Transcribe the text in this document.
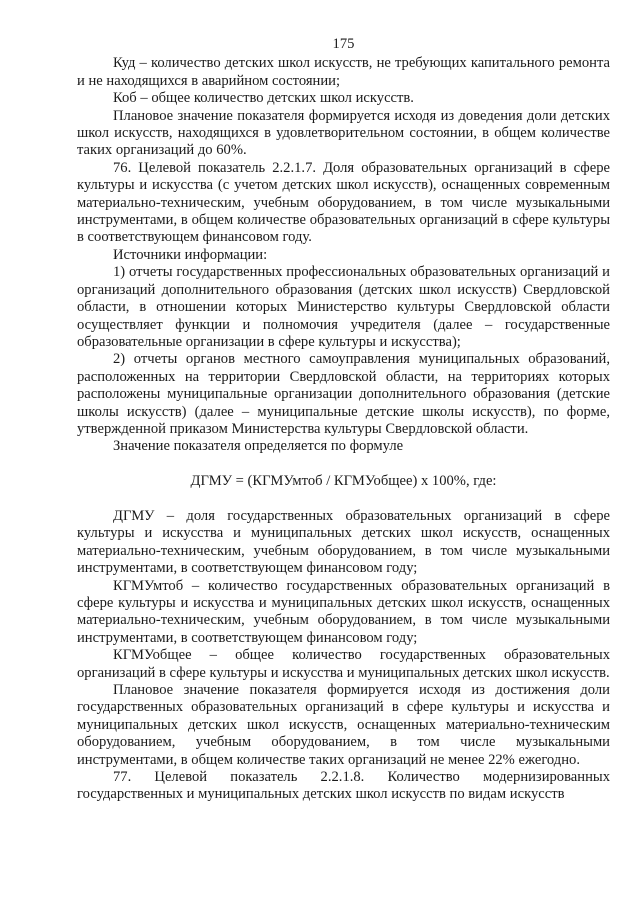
175

Куд – количество детских школ искусств, не требующих капитального ремонта и не находящихся в аварийном состоянии;

Коб – общее количество детских школ искусств.

Плановое значение показателя формируется исходя из доведения доли детских школ искусств, находящихся в удовлетворительном состоянии, в общем количестве таких организаций до 60%.

76. Целевой показатель 2.2.1.7. Доля образовательных организаций в сфере культуры и искусства (с учетом детских школ искусств), оснащенных современным материально-техническим, учебным оборудованием, в том числе музыкальными инструментами, в общем количестве образовательных организаций в сфере культуры в соответствующем финансовом году.

Источники информации:

1) отчеты государственных профессиональных образовательных организаций и организаций дополнительного образования (детских школ искусств) Свердловской области, в отношении которых Министерство культуры Свердловской области осуществляет функции и полномочия учредителя (далее – государственные образовательные организации в сфере культуры и искусства);

2) отчеты органов местного самоуправления муниципальных образований, расположенных на территории Свердловской области, на территориях которых расположены муниципальные организации дополнительного образования (детские школы искусств) (далее – муниципальные детские школы искусств), по форме, утвержденной приказом Министерства культуры Свердловской области.

Значение показателя определяется по формуле

ДГМУ = (КГМУмтоб / КГМУобщее) х 100%, где:

ДГМУ – доля государственных образовательных организаций в сфере культуры и искусства и муниципальных детских школ искусств, оснащенных материально-техническим, учебным оборудованием, в том числе музыкальными инструментами, в соответствующем финансовом году;

КГМУмтоб – количество государственных образовательных организаций в сфере культуры и искусства и муниципальных детских школ искусств, оснащенных материально-техническим, учебным оборудованием, в том числе музыкальными инструментами, в соответствующем финансовом году;

КГМУобщее – общее количество государственных образовательных организаций в сфере культуры и искусства и муниципальных детских школ искусств.

Плановое значение показателя формируется исходя из достижения доли государственных образовательных организаций в сфере культуры и искусства и муниципальных детских школ искусств, оснащенных материально-техническим оборудованием, учебным оборудованием, в том числе музыкальными инструментами, в общем количестве таких организаций не менее 22% ежегодно.

77. Целевой показатель 2.2.1.8. Количество модернизированных государственных и муниципальных детских школ искусств по видам искусств
